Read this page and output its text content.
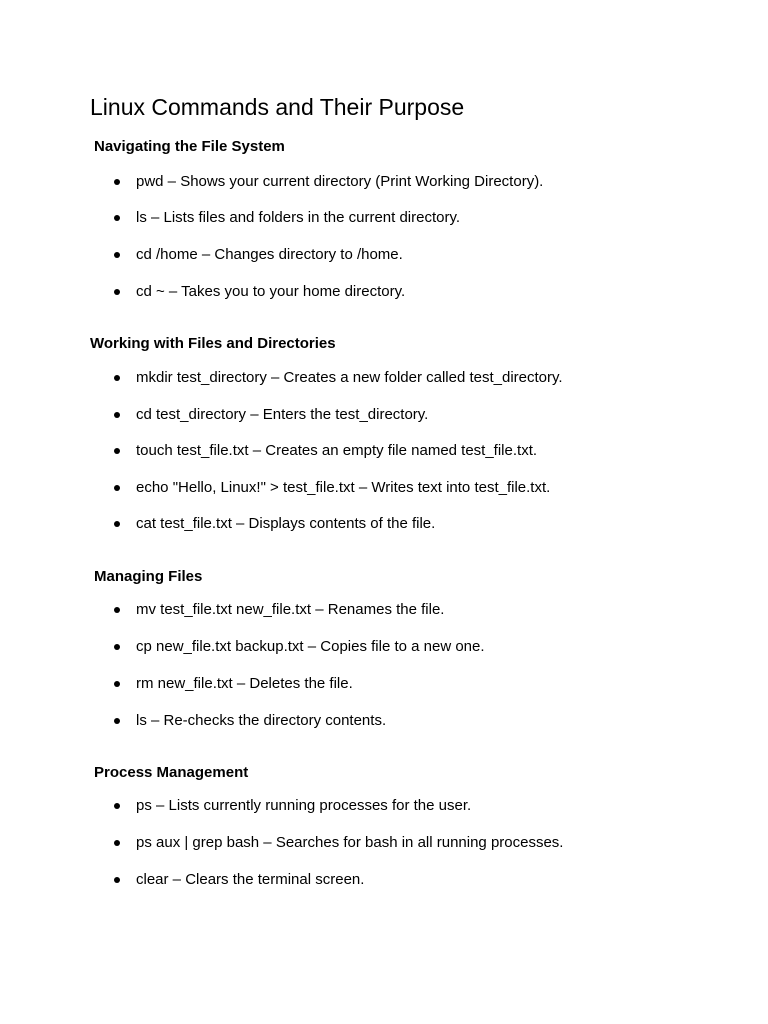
Linux Commands and Their Purpose
Navigating the File System
pwd – Shows your current directory (Print Working Directory).
ls – Lists files and folders in the current directory.
cd /home – Changes directory to /home.
cd ~ – Takes you to your home directory.
Working with Files and Directories
mkdir test_directory – Creates a new folder called test_directory.
cd test_directory – Enters the test_directory.
touch test_file.txt – Creates an empty file named test_file.txt.
echo "Hello, Linux!" > test_file.txt – Writes text into test_file.txt.
cat test_file.txt – Displays contents of the file.
Managing Files
mv test_file.txt new_file.txt – Renames the file.
cp new_file.txt backup.txt – Copies file to a new one.
rm new_file.txt – Deletes the file.
ls – Re-checks the directory contents.
Process Management
ps – Lists currently running processes for the user.
ps aux | grep bash – Searches for bash in all running processes.
clear – Clears the terminal screen.
